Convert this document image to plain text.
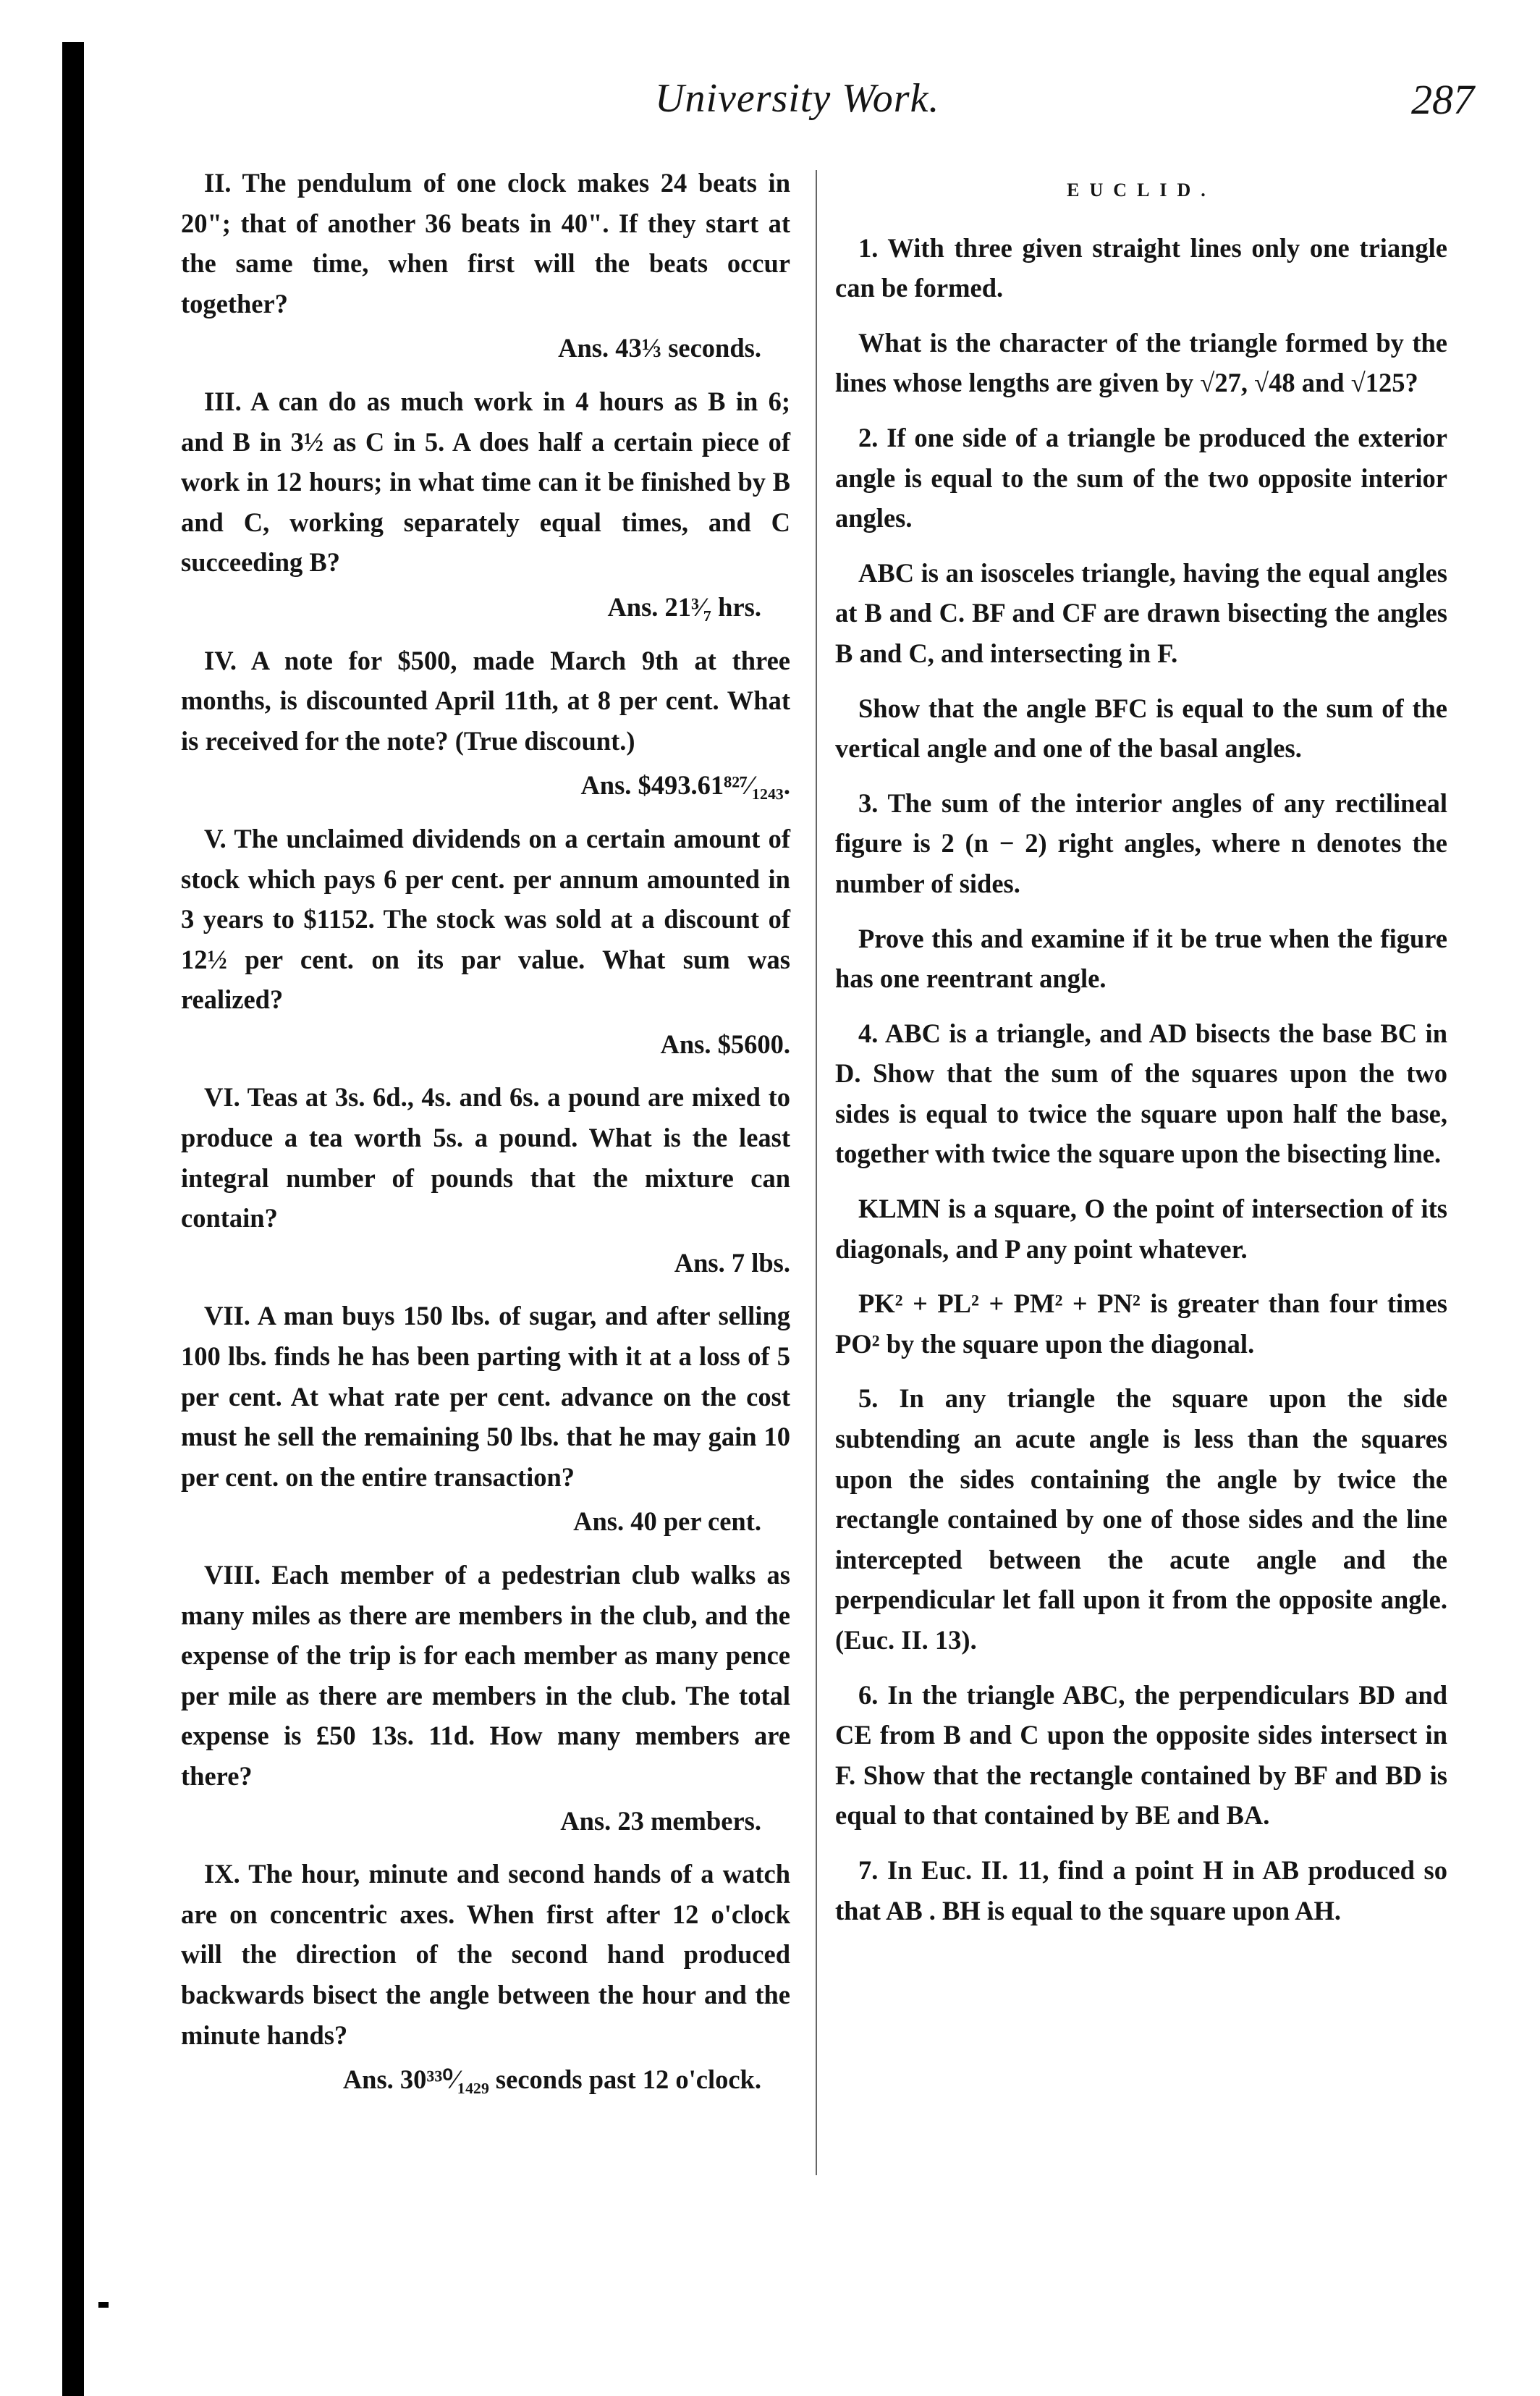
University Work.	287

II. The pendulum of one clock makes 24 beats in 20"; that of another 36 beats in 40". If they start at the same time, when first will the beats occur together?

Ans. 43⅓ seconds.

III. A can do as much work in 4 hours as B in 6; and B in 3½ as C in 5. A does half a certain piece of work in 12 hours; in what time can it be finished by B and C, working separately equal times, and C succeeding B?

Ans. 21³⁄₇ hrs.

IV. A note for $500, made March 9th at three months, is discounted April 11th, at 8 per cent. What is received for the note? (True discount.)

Ans. $493.61⁸²⁷⁄₁₂₄₃.

V. The unclaimed dividends on a certain amount of stock which pays 6 per cent. per annum amounted in 3 years to $1152. The stock was sold at a discount of 12½ per cent. on its par value. What sum was realized?

Ans. $5600.

VI. Teas at 3s. 6d., 4s. and 6s. a pound are mixed to produce a tea worth 5s. a pound. What is the least integral number of pounds that the mixture can contain?

Ans. 7 lbs.

VII. A man buys 150 lbs. of sugar, and after selling 100 lbs. finds he has been parting with it at a loss of 5 per cent. At what rate per cent. advance on the cost must he sell the remaining 50 lbs. that he may gain 10 per cent. on the entire transaction?

Ans. 40 per cent.

VIII. Each member of a pedestrian club walks as many miles as there are members in the club, and the expense of the trip is for each member as many pence per mile as there are members in the club. The total expense is £50 13s. 11d. How many members are there?

Ans. 23 members.

IX. The hour, minute and second hands of a watch are on concentric axes. When first after 12 o'clock will the direction of the second hand produced backwards bisect the angle between the hour and the minute hands?

Ans. 30³³⁰⁄₁₄₂₉ seconds past 12 o'clock.

EUCLID.

1. With three given straight lines only one triangle can be formed.

What is the character of the triangle formed by the lines whose lengths are given by √27, √48 and √125?

2. If one side of a triangle be produced the exterior angle is equal to the sum of the two opposite interior angles.

ABC is an isosceles triangle, having the equal angles at B and C. BF and CF are drawn bisecting the angles B and C, and intersecting in F.

Show that the angle BFC is equal to the sum of the vertical angle and one of the basal angles.

3. The sum of the interior angles of any rectilineal figure is 2 (n − 2) right angles, where n denotes the number of sides.

Prove this and examine if it be true when the figure has one reentrant angle.

4. ABC is a triangle, and AD bisects the base BC in D. Show that the sum of the squares upon the two sides is equal to twice the square upon half the base, together with twice the square upon the bisecting line.

KLMN is a square, O the point of intersection of its diagonals, and P any point whatever.

PK² + PL² + PM² + PN² is greater than four times PO² by the square upon the diagonal.

5. In any triangle the square upon the side subtending an acute angle is less than the squares upon the sides containing the angle by twice the rectangle contained by one of those sides and the line intercepted between the acute angle and the perpendicular let fall upon it from the opposite angle. (Euc. II. 13).

6. In the triangle ABC, the perpendiculars BD and CE from B and C upon the opposite sides intersect in F. Show that the rectangle contained by BF and BD is equal to that contained by BE and BA.

7. In Euc. II. 11, find a point H in AB produced so that AB . BH is equal to the square upon AH.
